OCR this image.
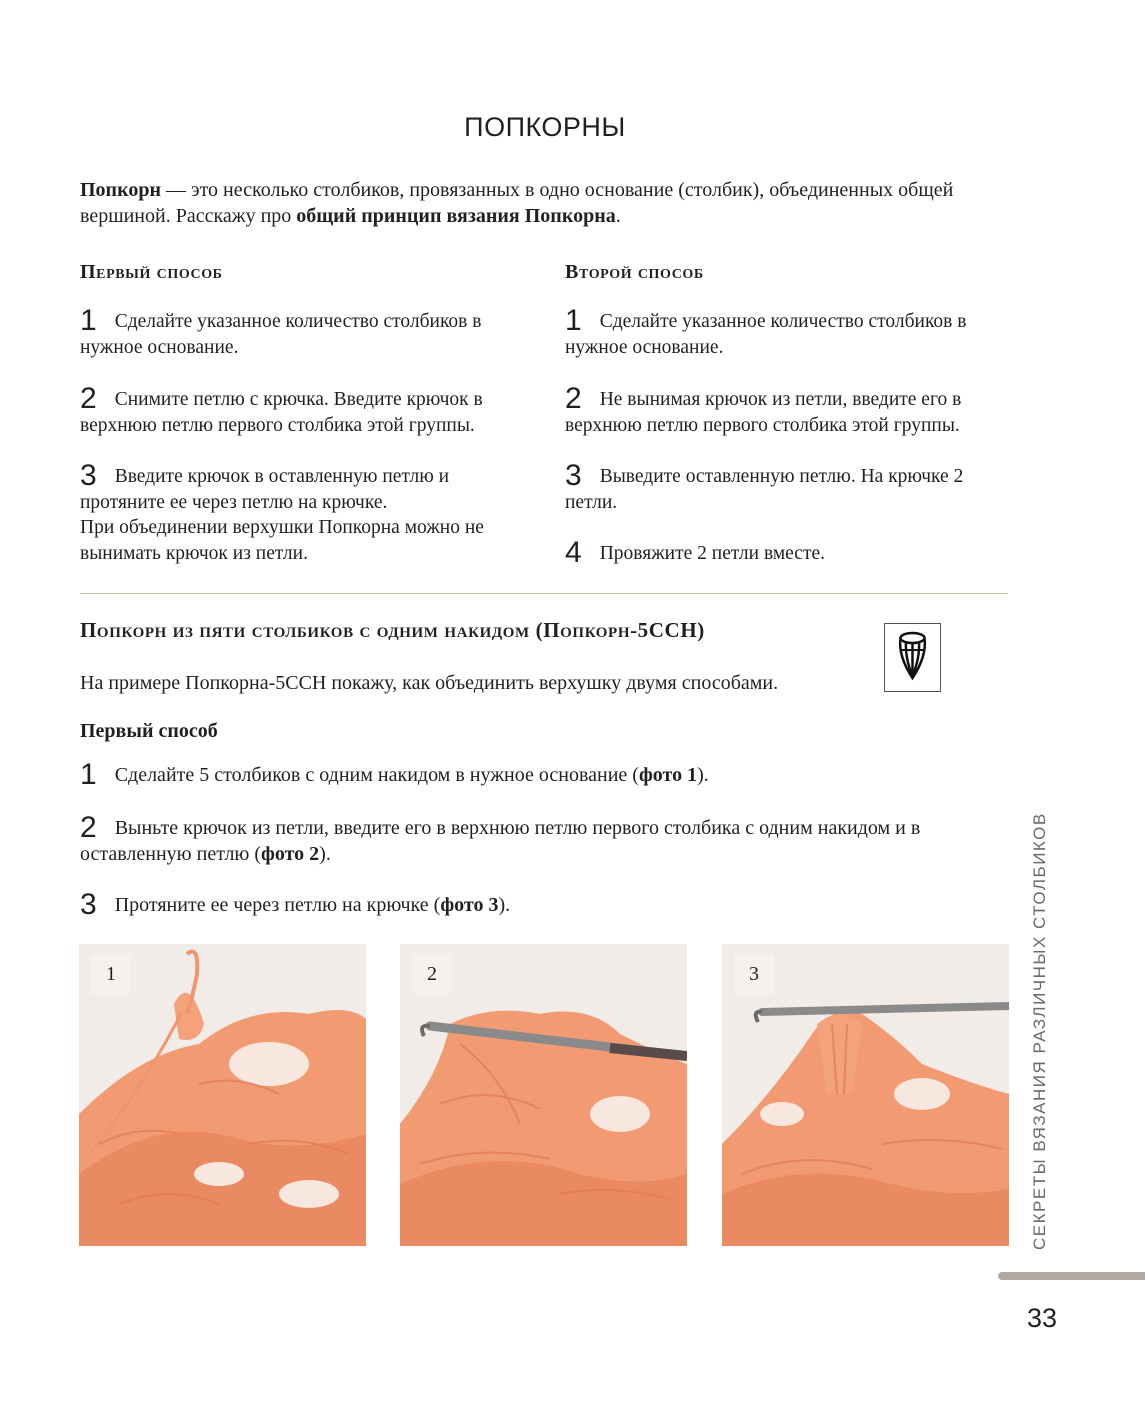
ПОПКОРНЫ
Попкорн — это несколько столбиков, провязанных в одно основание (столбик), объединенных общей вершиной. Расскажу про общий принцип вязания Попкорна.
Первый способ
1 Сделайте указанное количество столбиков в нужное основание.
2 Снимите петлю с крючка. Введите крючок в верхнюю петлю первого столбика этой группы.
3 Введите крючок в оставленную петлю и протяните ее через петлю на крючке.
При объединении верхушки Попкорна можно не вынимать крючок из петли.
Второй способ
1 Сделайте указанное количество столбиков в нужное основание.
2 Не вынимая крючок из петли, введите его в верхнюю петлю первого столбика этой группы.
3 Выведите оставленную петлю. На крючке 2 петли.
4 Провяжите 2 петли вместе.
Попкорн из пяти столбиков с одним накидом (Попкорн-5ССН)
На примере Попкорна-5ССН покажу, как объединить верхушку двумя способами.
Первый способ
1 Сделайте 5 столбиков с одним накидом в нужное основание (фото 1).
2 Выньте крючок из петли, введите его в верхнюю петлю первого столбика с одним накидом и в оставленную петлю (фото 2).
3 Протяните ее через петлю на крючке (фото 3).
1	2	3	СЕКРЕТЫ ВЯЗАНИЯ РАЗЛИЧНЫХ СТОЛБИКОВ
33
